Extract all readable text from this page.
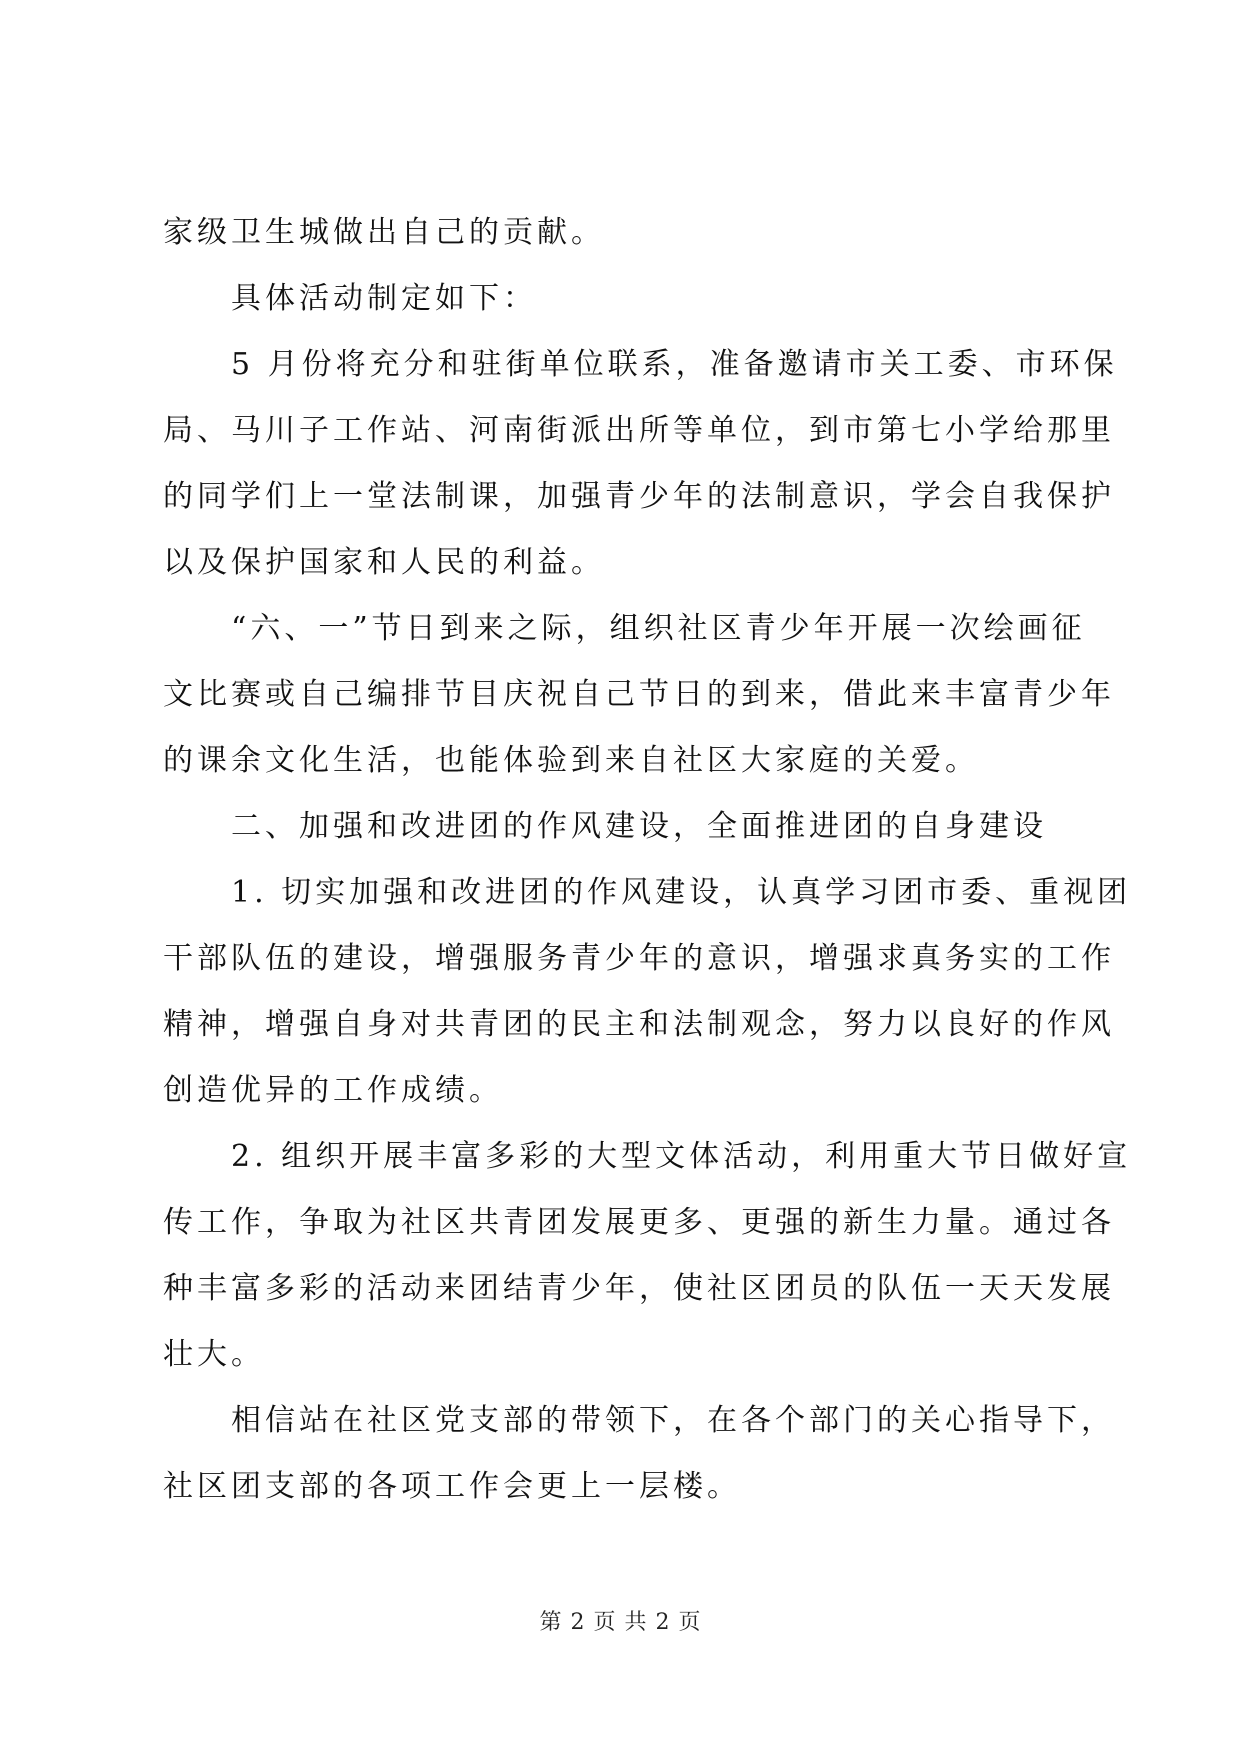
家级卫生城做出自己的贡献。
具体活动制定如下：
5 月份将充分和驻街单位联系，准备邀请市关工委、市环保
局、马川子工作站、河南街派出所等单位，到市第七小学给那里
的同学们上一堂法制课，加强青少年的法制意识，学会自我保护
以及保护国家和人民的利益。
“六、一”节日到来之际，组织社区青少年开展一次绘画征
文比赛或自己编排节目庆祝自己节日的到来，借此来丰富青少年
的课余文化生活，也能体验到来自社区大家庭的关爱。
二、加强和改进团的作风建设，全面推进团的自身建设
1. 切实加强和改进团的作风建设，认真学习团市委、重视团
干部队伍的建设，增强服务青少年的意识，增强求真务实的工作
精神，增强自身对共青团的民主和法制观念，努力以良好的作风
创造优异的工作成绩。
2. 组织开展丰富多彩的大型文体活动，利用重大节日做好宣
传工作，争取为社区共青团发展更多、更强的新生力量。通过各
种丰富多彩的活动来团结青少年，使社区团员的队伍一天天发展
壮大。
相信站在社区党支部的带领下，在各个部门的关心指导下，
社区团支部的各项工作会更上一层楼。
第 2 页 共 2 页
